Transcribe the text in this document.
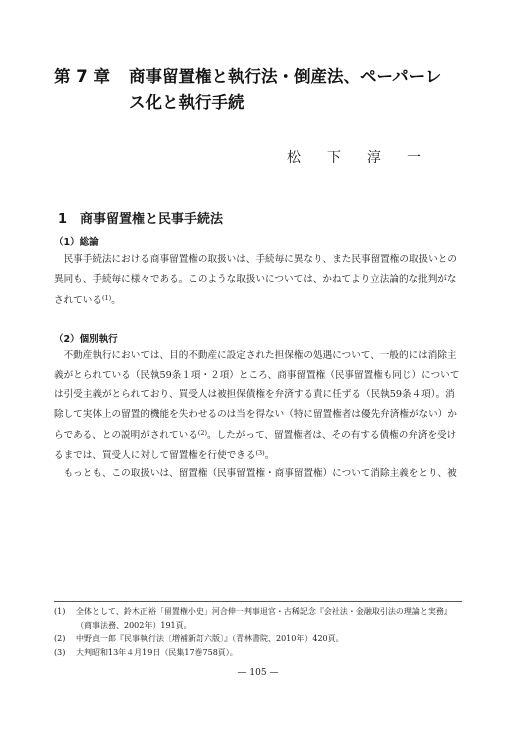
第 7 章 商事留置権と執行法・倒産法、ペーパーレ
ス化と執行手続
松下淳一
1　商事留置権と民事手続法
（1）総論
　民事手続法における商事留置権の取扱いは、手続毎に異なり、また民事留置権の取扱いとの
異同も、手続毎に様々である。このような取扱いについては、かねてより立法論的な批判がな
されている$^{(1)}$。
（2）個別執行
　不動産執行においては、目的不動産に設定された担保権の処遇について、一般的には消除主
義がとられている（民執59条１項・２項）ところ、商事留置権（民事留置権も同じ）について
は引受主義がとられており、買受人は被担保債権を弁済する責に任ずる（民執59条４項）。消
除して実体上の留置的機能を失わせるのは当を得ない（特に留置権者は優先弁済権がない）か
らである、との説明がされている$^{(2)}$。したがって、留置権者は、その有する債権の弁済を受け
るまでは、買受人に対して留置権を行使できる$^{(3)}$。
　もっとも、この取扱いは、留置権（民事留置権・商事留置権）について消除主義をとり、被
(1) 全体として、鈴木正裕「留置権小史」河合伸一判事退官・古稀記念『会社法・金融取引法の理論と実務』
（商事法務、2002年）191頁。
(2) 中野貞一郎『民事執行法〔増補新訂六版〕』（青林書院、2010年）420頁。
(3) 大判昭和13年４月19日（民集17巻758頁）。
— 105 —
